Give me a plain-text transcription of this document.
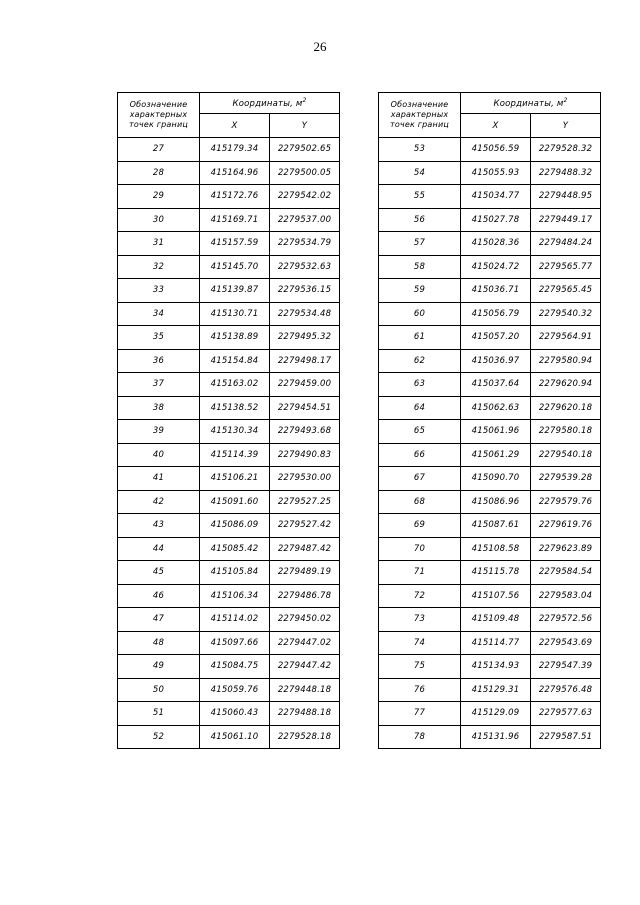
26
Обозначение
характерных
точек границ	Координаты, $м^2$
	X	Y
27	415179.34	2279502.65
28	415164.96	2279500.05
29	415172.76	2279542.02
30	415169.71	2279537.00
31	415157.59	2279534.79
32	415145.70	2279532.63
33	415139.87	2279536.15
34	415130.71	2279534.48
35	415138.89	2279495.32
36	415154.84	2279498.17
37	415163.02	2279459.00
38	415138.52	2279454.51
39	415130.34	2279493.68
40	415114.39	2279490.83
41	415106.21	2279530.00
42	415091.60	2279527.25
43	415086.09	2279527.42
44	415085.42	2279487.42
45	415105.84	2279489.19
46	415106.34	2279486.78
47	415114.02	2279450.02
48	415097.66	2279447.02
49	415084.75	2279447.42
50	415059.76	2279448.18
51	415060.43	2279488.18
52	415061.10	2279528.18
Обозначение
характерных
точек границ	Координаты, $м^2$
	X	Y
53	415056.59	2279528.32
54	415055.93	2279488.32
55	415034.77	2279448.95
56	415027.78	2279449.17
57	415028.36	2279484.24
58	415024.72	2279565.77
59	415036.71	2279565.45
60	415056.79	2279540.32
61	415057.20	2279564.91
62	415036.97	2279580.94
63	415037.64	2279620.94
64	415062.63	2279620.18
65	415061.96	2279580.18
66	415061.29	2279540.18
67	415090.70	2279539.28
68	415086.96	2279579.76
69	415087.61	2279619.76
70	415108.58	2279623.89
71	415115.78	2279584.54
72	415107.56	2279583.04
73	415109.48	2279572.56
74	415114.77	2279543.69
75	415134.93	2279547.39
76	415129.31	2279576.48
77	415129.09	2279577.63
78	415131.96	2279587.51
